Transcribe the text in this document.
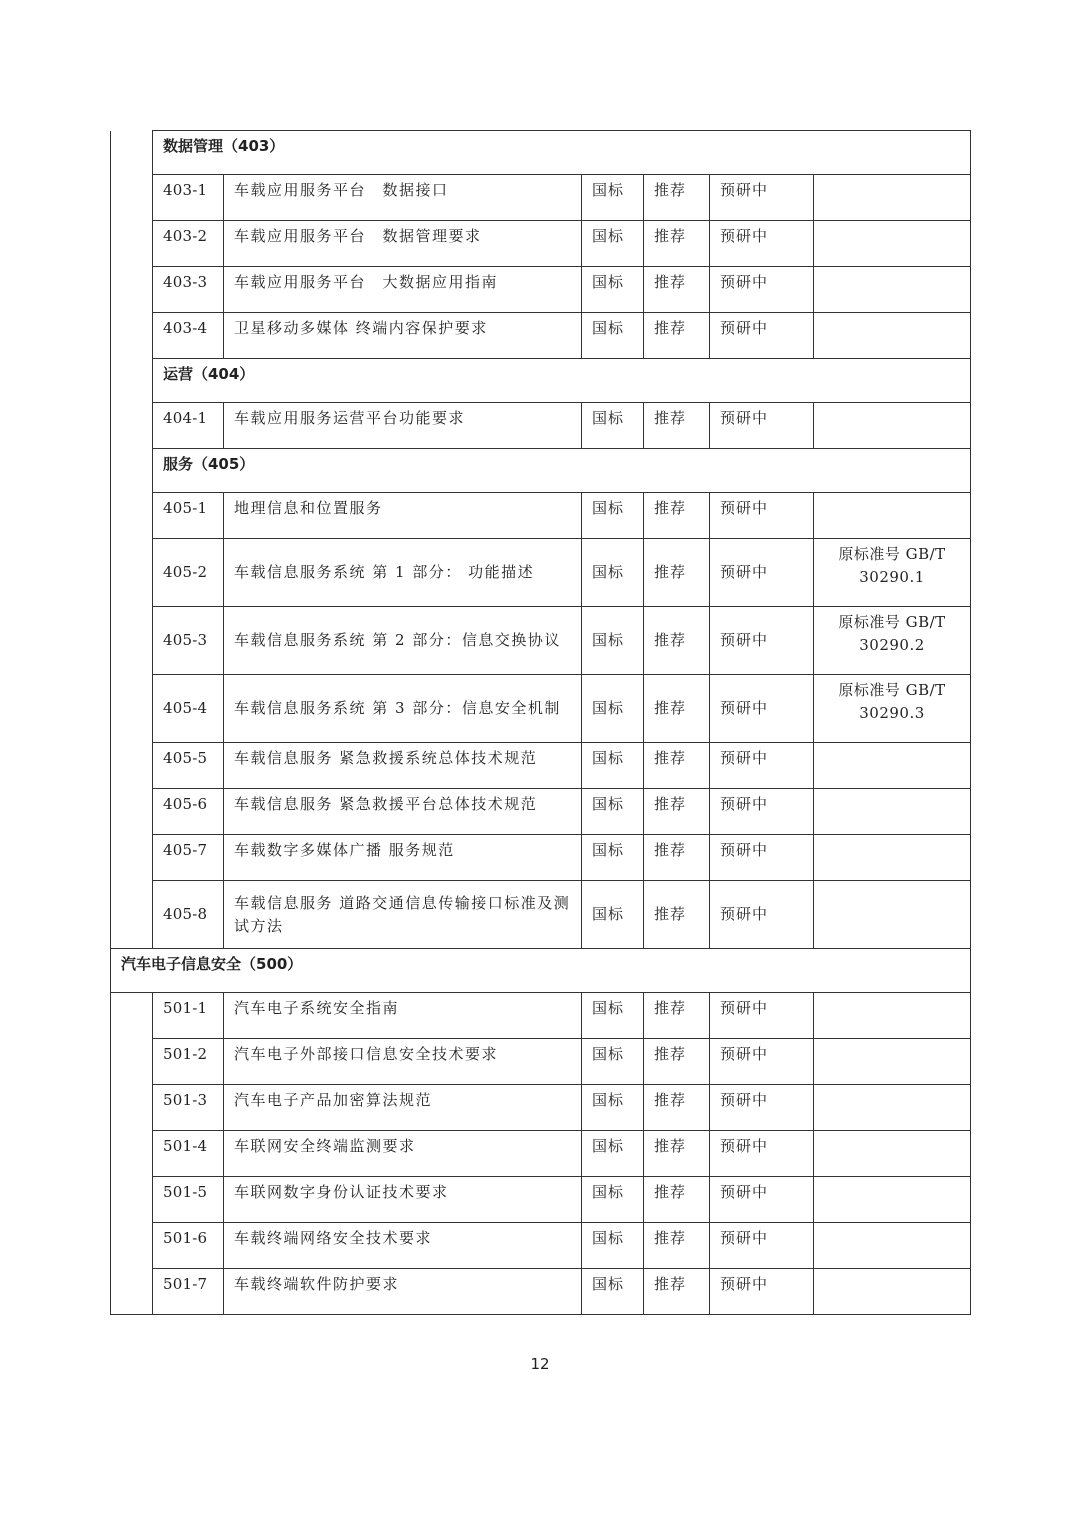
	数据管理（403）					
	403-1	车载应用服务平台　数据接口	国标	推荐	预研中	
	403-2	车载应用服务平台　数据管理要求	国标	推荐	预研中	
	403-3	车载应用服务平台　大数据应用指南	国标	推荐	预研中	
	403-4	卫星移动多媒体 终端内容保护要求	国标	推荐	预研中	
	运营（404）					
	404-1	车载应用服务运营平台功能要求	国标	推荐	预研中	
	服务（405）					
	405-1	地理信息和位置服务	国标	推荐	预研中	
	405-2	车载信息服务系统 第 1 部分： 功能描述	国标	推荐	预研中	原标准号 GB/T 30290.1
	405-3	车载信息服务系统 第 2 部分：信息交换协议	国标	推荐	预研中	原标准号 GB/T 30290.2
	405-4	车载信息服务系统 第 3 部分：信息安全机制	国标	推荐	预研中	原标准号 GB/T 30290.3
	405-5	车载信息服务 紧急救援系统总体技术规范	国标	推荐	预研中	
	405-6	车载信息服务 紧急救援平台总体技术规范	国标	推荐	预研中	
	405-7	车载数字多媒体广播 服务规范	国标	推荐	预研中	
	405-8	车载信息服务 道路交通信息传输接口标准及测试方法	国标	推荐	预研中	
汽车电子信息安全（500）						
	501-1	汽车电子系统安全指南	国标	推荐	预研中	
	501-2	汽车电子外部接口信息安全技术要求	国标	推荐	预研中	
	501-3	汽车电子产品加密算法规范	国标	推荐	预研中	
	501-4	车联网安全终端监测要求	国标	推荐	预研中	
	501-5	车联网数字身份认证技术要求	国标	推荐	预研中	
	501-6	车载终端网络安全技术要求	国标	推荐	预研中	
	501-7	车载终端软件防护要求	国标	推荐	预研中	
12
